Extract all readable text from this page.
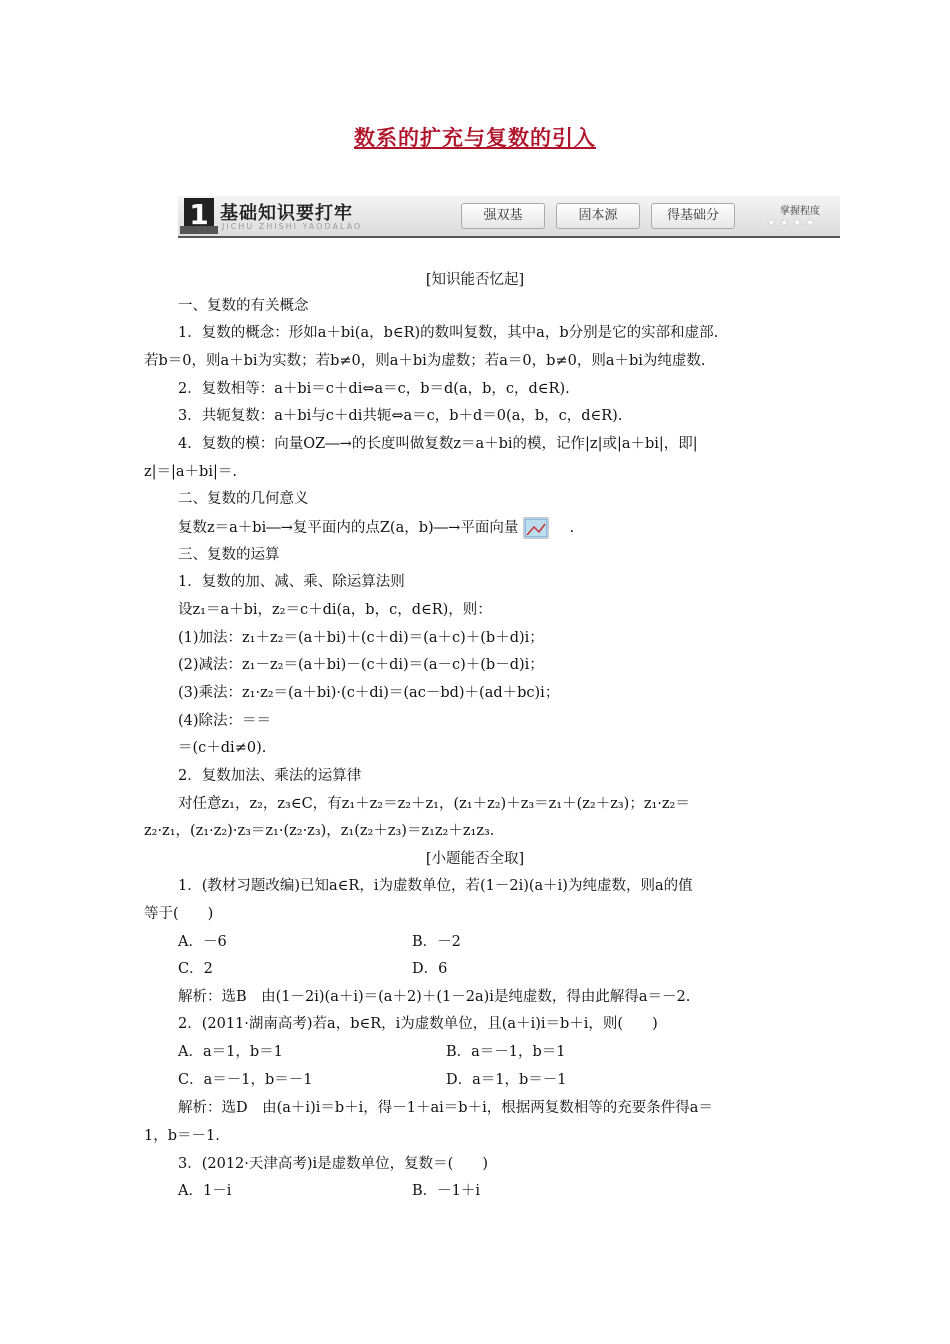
数系的扩充与复数的引入
1 基础知识要打牢
JICHU ZHISHI YAODALAO
强双基	固本源	得基础分	掌握程度
★★★★
[知识能否忆起]
一、复数的有关概念
1．复数的概念：形如a＋bi(a，b∈R)的数叫复数，其中a，b分别是它的实部和虚部.
若b＝0，则a＋bi为实数；若b≠0，则a＋bi为虚数；若a＝0，b≠0，则a＋bi为纯虚数.
2．复数相等：a＋bi＝c＋di⇔a＝c，b＝d(a，b，c，d∈R).
3．共轭复数：a＋bi与c＋di共轭⇔a＝c，b＋d＝0(a，b，c，d∈R).
4．复数的模：向量OZ―→的长度叫做复数z＝a＋bi的模，记作|z|或|a＋bi|，即|
z|＝|a＋bi|＝.
二、复数的几何意义
复数z＝a＋bi―→复平面内的点Z(a，b)―→平面向量	.
三、复数的运算
1．复数的加、减、乘、除运算法则
设z₁＝a＋bi，z₂＝c＋di(a，b，c，d∈R)，则：
(1)加法：z₁＋z₂＝(a＋bi)＋(c＋di)＝(a＋c)＋(b＋d)i；
(2)减法：z₁－z₂＝(a＋bi)－(c＋di)＝(a－c)＋(b－d)i；
(3)乘法：z₁·z₂＝(a＋bi)·(c＋di)＝(ac－bd)＋(ad＋bc)i；
(4)除法：＝＝
＝(c＋di≠0).
2．复数加法、乘法的运算律
对任意z₁，z₂，z₃∈C，有z₁＋z₂＝z₂＋z₁，(z₁＋z₂)＋z₃＝z₁＋(z₂＋z₃)；z₁·z₂＝
z₂·z₁，(z₁·z₂)·z₃＝z₁·(z₂·z₃)，z₁(z₂＋z₃)＝z₁z₂＋z₁z₃.
[小题能否全取]
1．(教材习题改编)已知a∈R，i为虚数单位，若(1－2i)(a＋i)为纯虚数，则a的值
等于(　　)
A．－6	B．－2
C．2	D．6
解析：选B　由(1－2i)(a＋i)＝(a＋2)＋(1－2a)i是纯虚数，得由此解得a＝－2.
2．(2011·湖南高考)若a，b∈R，i为虚数单位，且(a＋i)i＝b＋i，则(　　)
A．a＝1，b＝1	B．a＝－1，b＝1
C．a＝－1，b＝－1	D．a＝1，b＝－1
解析：选D　由(a＋i)i＝b＋i，得－1＋ai＝b＋i，根据两复数相等的充要条件得a＝
1，b＝－1.
3．(2012·天津高考)i是虚数单位，复数＝(　　)
A．1－i	B．－1＋i
